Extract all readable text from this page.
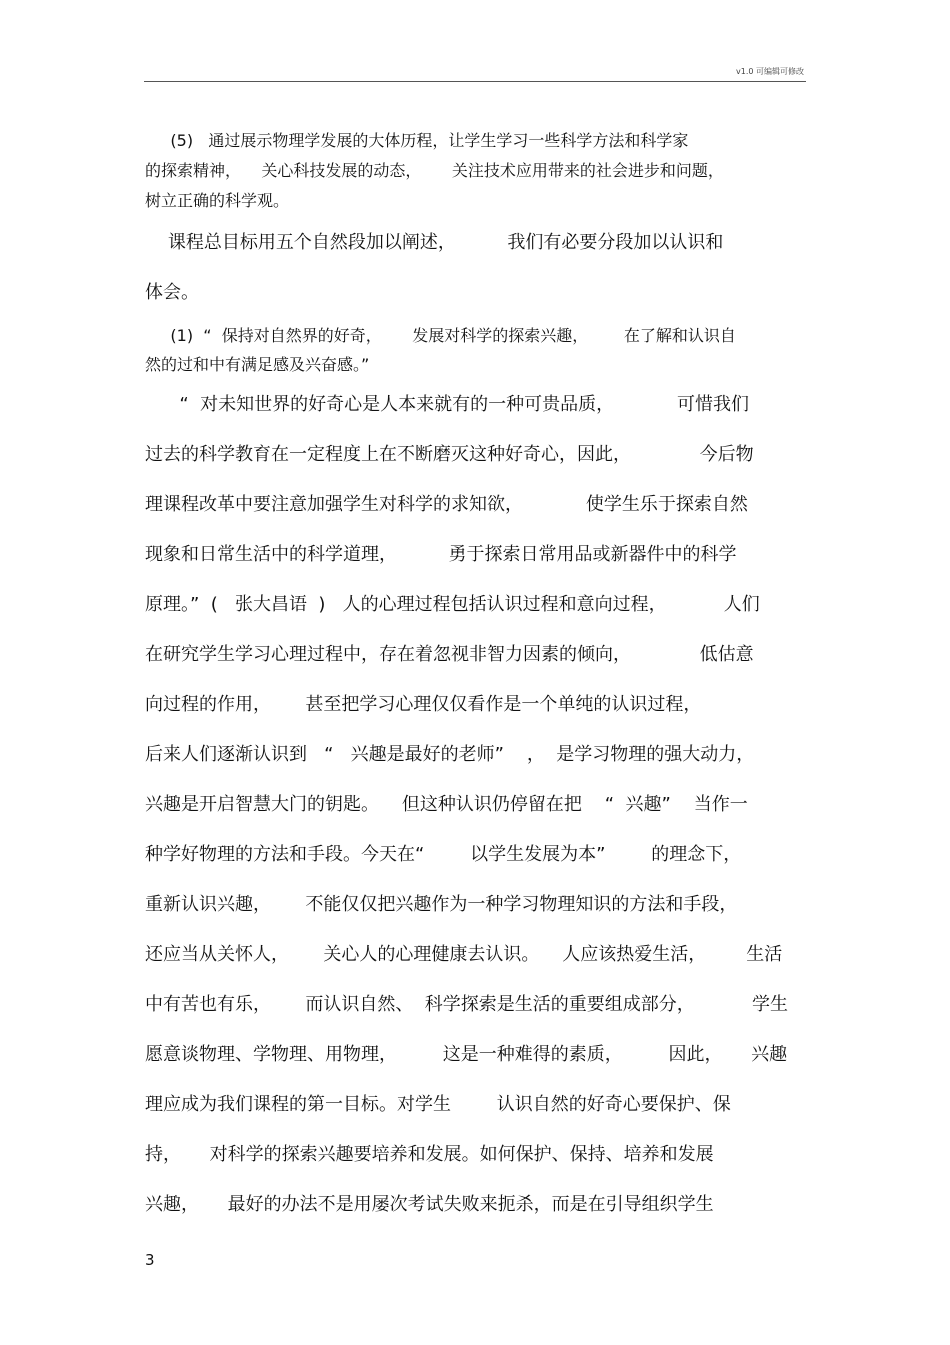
v1.0 可编辑可修改
(5)   通过展示物理学发展的大体历程，让学生学习一些科学方法和科学家
的探索精神，    关心科技发展的动态，      关注技术应用带来的社会进步和问题，
树立正确的科学观。
课程总目标用五个自然段加以阐述，         我们有必要分段加以认识和
体会。
(1)  “  保持对自然界的好奇，      发展对科学的探索兴趣，       在了解和认识自
然的过和中有满足感及兴奋感。”
“  对未知世界的好奇心是人本来就有的一种可贵品质，           可惜我们
过去的科学教育在一定程度上在不断磨灭这种好奇心，因此，            今后物
理课程改革中要注意加强学生对科学的求知欲，           使学生乐于探索自然
现象和日常生活中的科学道理，         勇于探索日常用品或新器件中的科学
原理。”  (   张大昌语  )   人的心理过程包括认识过程和意向过程，          人们
在研究学生学习心理过程中，存在着忽视非智力因素的倾向，            低估意
向过程的作用，      甚至把学习心理仅仅看作是一个单纯的认识过程，
后来人们逐渐认识到   “   兴趣是最好的老师”    ，  是学习物理的强大动力，
兴趣是开启智慧大门的钥匙。    但这种认识仍停留在把    “  兴趣”    当作一
种学好物理的方法和手段。今天在“        以学生发展为本”        的理念下，
重新认识兴趣，      不能仅仅把兴趣作为一种学习物理知识的方法和手段，
还应当从关怀人，      关心人的心理健康去认识。    人应该热爱生活，       生活
中有苦也有乐，      而认识自然、  科学探索是生活的重要组成部分，          学生
愿意谈物理、学物理、用物理，        这是一种难得的素质，        因此，     兴趣
理应成为我们课程的第一目标。对学生        认识自然的好奇心要保护、保
持，     对科学的探索兴趣要培养和发展。如何保护、保持、培养和发展
兴趣，     最好的办法不是用屡次考试失败来扼杀，而是在引导组织学生
3
